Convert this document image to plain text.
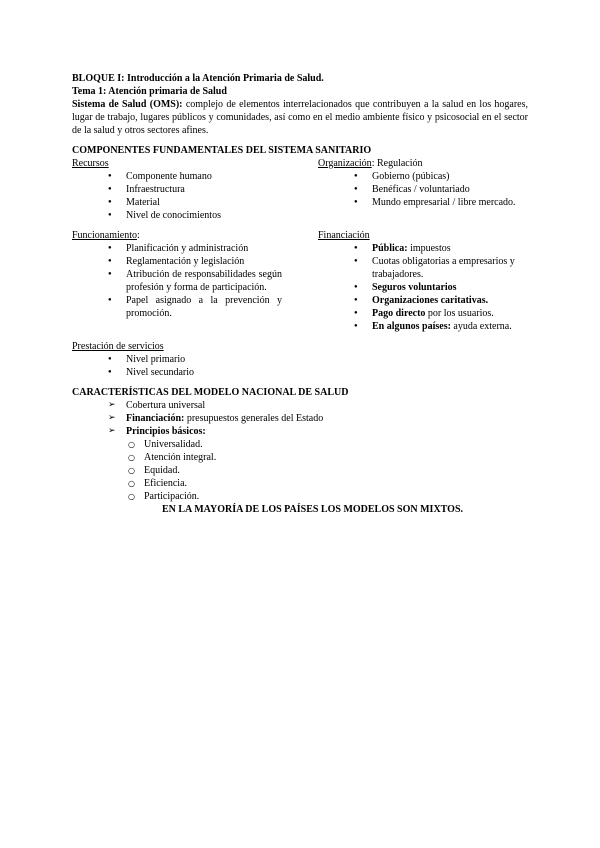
BLOQUE I: Introducción a la Atención Primaria de Salud.

Tema 1: Atención primaria de Salud

Sistema de Salud (OMS): complejo de elementos interrelacionados que contribuyen a la salud en los hogares, lugar de trabajo, lugares públicos y comunidades, así como en el medio ambiente físico y psicosocial en el sector de la salud y otros sectores afines.

COMPONENTES FUNDAMENTALES DEL SISTEMA SANITARIO

Recursos

● Componente humano
● Infraestructura
● Material
● Nivel de conocimientos

Organización: Regulación

● Gobierno (púbicas)
● Benéficas / voluntariado
● Mundo empresarial / libre mercado.

Funcionamiento:

● Planificación y administración
● Reglamentación y legislación
● Atribución de responsabilidades según profesión y forma de participación.
● Papel asignado a la prevención y promoción.

Financiación

● Pública: impuestos
● Cuotas obligatorias a empresarios y trabajadores.
● Seguros voluntarios
● Organizaciones caritativas.
● Pago directo por los usuarios.
● En algunos países: ayuda externa.

Prestación de servicios

● Nivel primario
● Nivel secundario

CARACTERÍSTICAS DEL MODELO NACIONAL DE SALUD

➢ Cobertura universal
➢ Financiación: presupuestos generales del Estado
➢ Principios básicos:
○ Universalidad.
○ Atención integral.
○ Equidad.
○ Eficiencia.
○ Participación.

EN LA MAYORÍA DE LOS PAÍSES LOS MODELOS SON MIXTOS.
